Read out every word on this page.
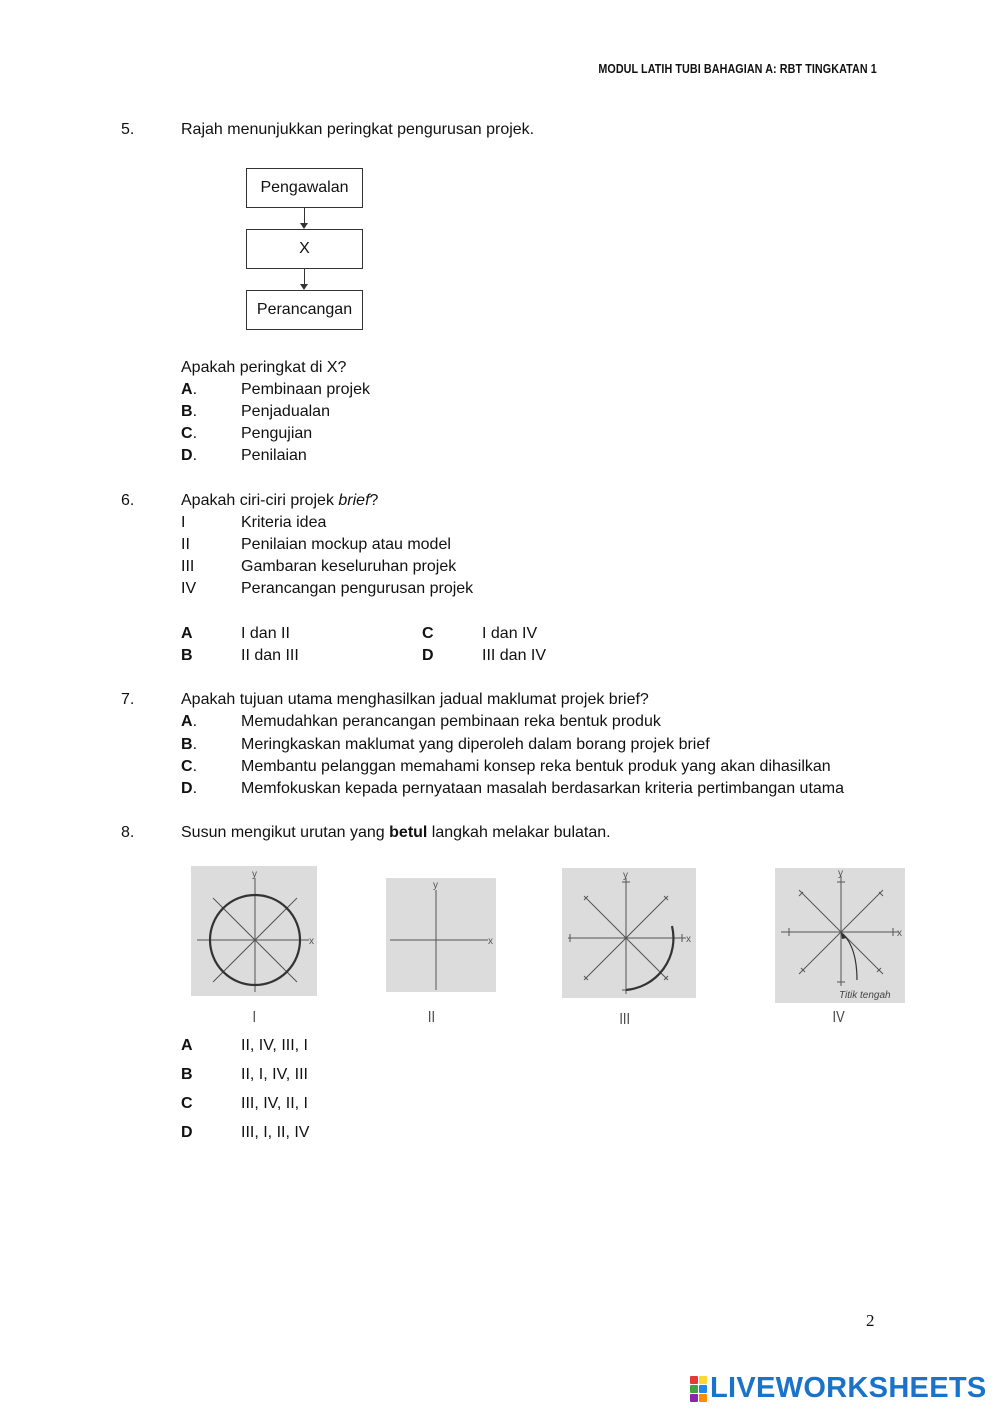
MODUL LATIH TUBI BAHAGIAN A: RBT TINGKATAN 1
5.	Rajah menunjukkan peringkat pengurusan projek.
Pengawalan
X
Perancangan
Apakah peringkat di X?
A.	Pembinaan projek
B.	Penjadualan
C.	Pengujian
D.	Penilaian
6.	Apakah ciri-ciri projek brief?
I	Kriteria idea
II	Penilaian mockup atau model
III	Gambaran keseluruhan projek
IV	Perancangan pengurusan projek
A	I dan II
B	II dan III
C	I dan IV
D	III dan IV
7.	Apakah tujuan utama menghasilkan jadual maklumat projek brief?
A.	Memudahkan perancangan pembinaan reka bentuk produk
B.	Meringkaskan maklumat yang diperoleh dalam borang projek brief
C.	Membantu pelanggan memahami konsep reka bentuk produk yang akan dihasilkan
D.	Memfokuskan kepada pernyataan masalah berdasarkan kriteria pertimbangan utama
8.	Susun mengikut urutan yang betul langkah melakar bulatan.
y
x
y
x
y
x
y
x
Titik tengah
I	II	III	IV
A	II, IV, III, I
B	II, I, IV, III
C	III, IV, II, I
D	III, I, II, IV
2
LIVEWORKSHEETS
